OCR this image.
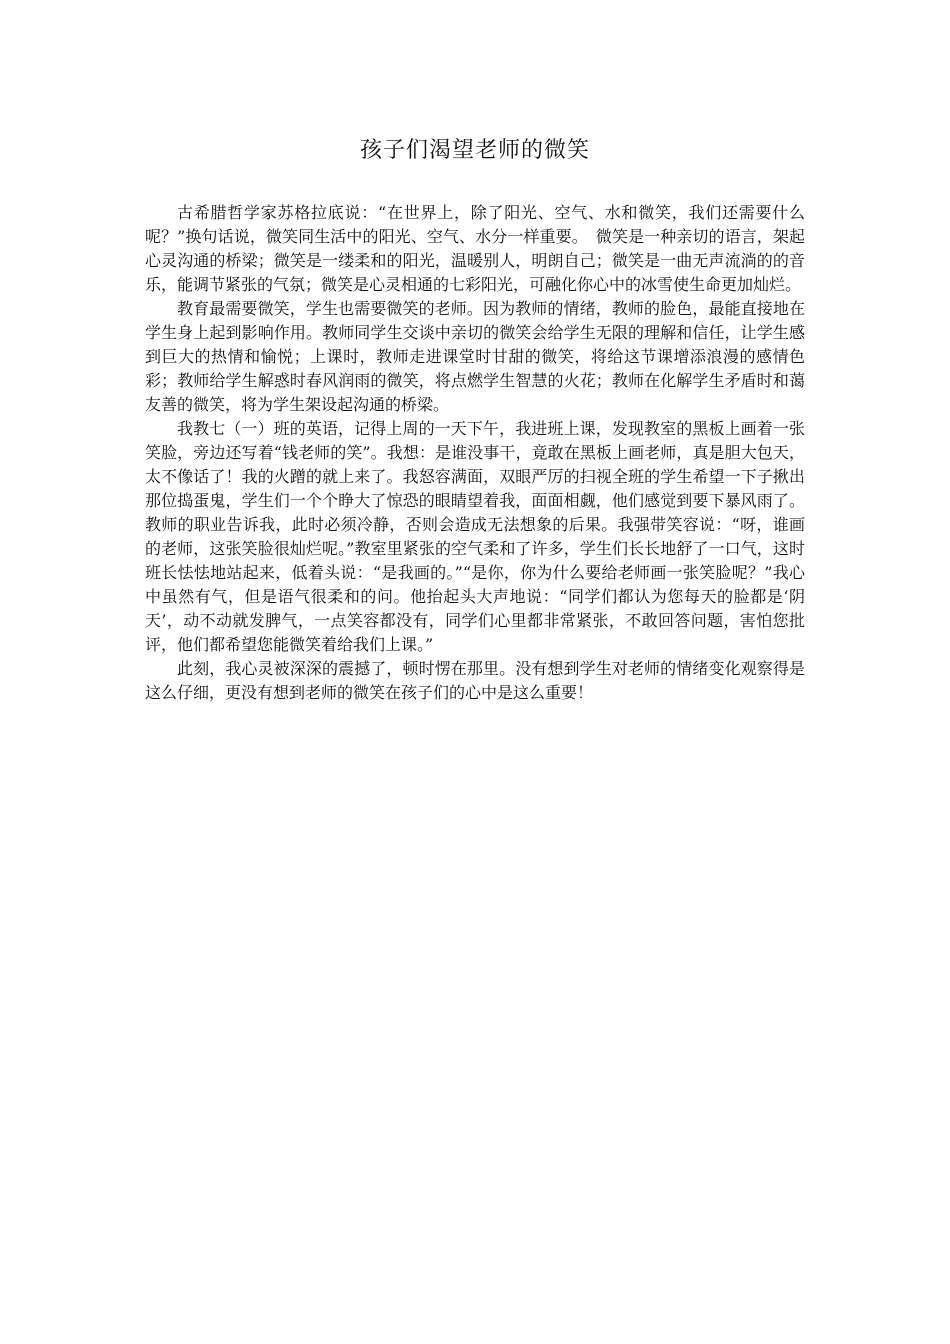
孩子们渴望老师的微笑

古希腊哲学家苏格拉底说：“在世界上，除了阳光、空气、水和微笑，我们还需要什么呢？”换句话说，微笑同生活中的阳光、空气、水分一样重要。　微笑是一种亲切的语言，架起心灵沟通的桥梁；微笑是一缕柔和的阳光，温暖别人，明朗自己；微笑是一曲无声流淌的的音乐，能调节紧张的气氛；微笑是心灵相通的七彩阳光，可融化你心中的冰雪使生命更加灿烂。

教育最需要微笑，学生也需要微笑的老师。因为教师的情绪，教师的脸色，最能直接地在学生身上起到影响作用。教师同学生交谈中亲切的微笑会给学生无限的理解和信任，让学生感到巨大的热情和愉悦；上课时，教师走进课堂时甘甜的微笑，将给这节课增添浪漫的感情色彩；教师给学生解惑时春风润雨的微笑，将点燃学生智慧的火花；教师在化解学生矛盾时和蔼友善的微笑，将为学生架设起沟通的桥梁。

我教七（一）班的英语，记得上周的一天下午，我进班上课，发现教室的黑板上画着一张笑脸，旁边还写着“钱老师的笑”。我想：是谁没事干，竟敢在黑板上画老师，真是胆大包天，太不像话了！我的火蹭的就上来了。我怒容满面，双眼严厉的扫视全班的学生希望一下子揪出那位捣蛋鬼，学生们一个个睁大了惊恐的眼睛望着我，面面相觑，他们感觉到要下暴风雨了。教师的职业告诉我，此时必须冷静，否则会造成无法想象的后果。我强带笑容说：“呀，谁画的老师，这张笑脸很灿烂呢。”教室里紧张的空气柔和了许多，学生们长长地舒了一口气，这时班长怯怯地站起来，低着头说：“是我画的。”“是你，你为什么要给老师画一张笑脸呢？”我心中虽然有气，但是语气很柔和的问。他抬起头大声地说：“同学们都认为您每天的脸都是‘阴天’，动不动就发脾气，一点笑容都没有，同学们心里都非常紧张，不敢回答问题，害怕您批评，他们都希望您能微笑着给我们上课。”

此刻，我心灵被深深的震撼了，顿时愣在那里。没有想到学生对老师的情绪变化观察得是这么仔细，更没有想到老师的微笑在孩子们的心中是这么重要！
